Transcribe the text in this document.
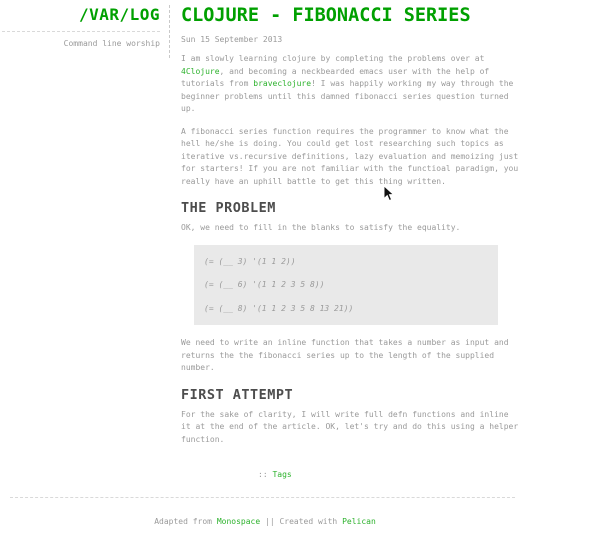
/VAR/LOG
Command line worship
CLOJURE - FIBONACCI SERIES
Sun 15 September 2013

I am slowly learning clojure by completing the problems over at 4Clojure, and becoming a neckbearded emacs user with the help of tutorials from braveclojure! I was happily working my way through the beginner problems until this damned fibonacci series question turned up.

A fibonacci series function requires the programmer to know what the hell he/she is doing. You could get lost researching such topics as iterative vs.recursive definitions, lazy evaluation and memoizing just for starters! If you are not familiar with the functioal paradigm, you really have an uphill battle to get this thing written.

THE PROBLEM

OK, we need to fill in the blanks to satisfy the equality.

(= (__ 3) '(1 1 2))
(= (__ 6) '(1 1 2 3 5 8))
(= (__ 8) '(1 1 2 3 5 8 13 21))

We need to write an inline function that takes a number as input and returns the the fibonacci series up to the length of the supplied number.

FIRST ATTEMPT

For the sake of clarity, I will write full defn functions and inline it at the end of the article. OK, let's try and do this using a helper function.

:: Tags
Adapted from Monospace || Created with Pelican
